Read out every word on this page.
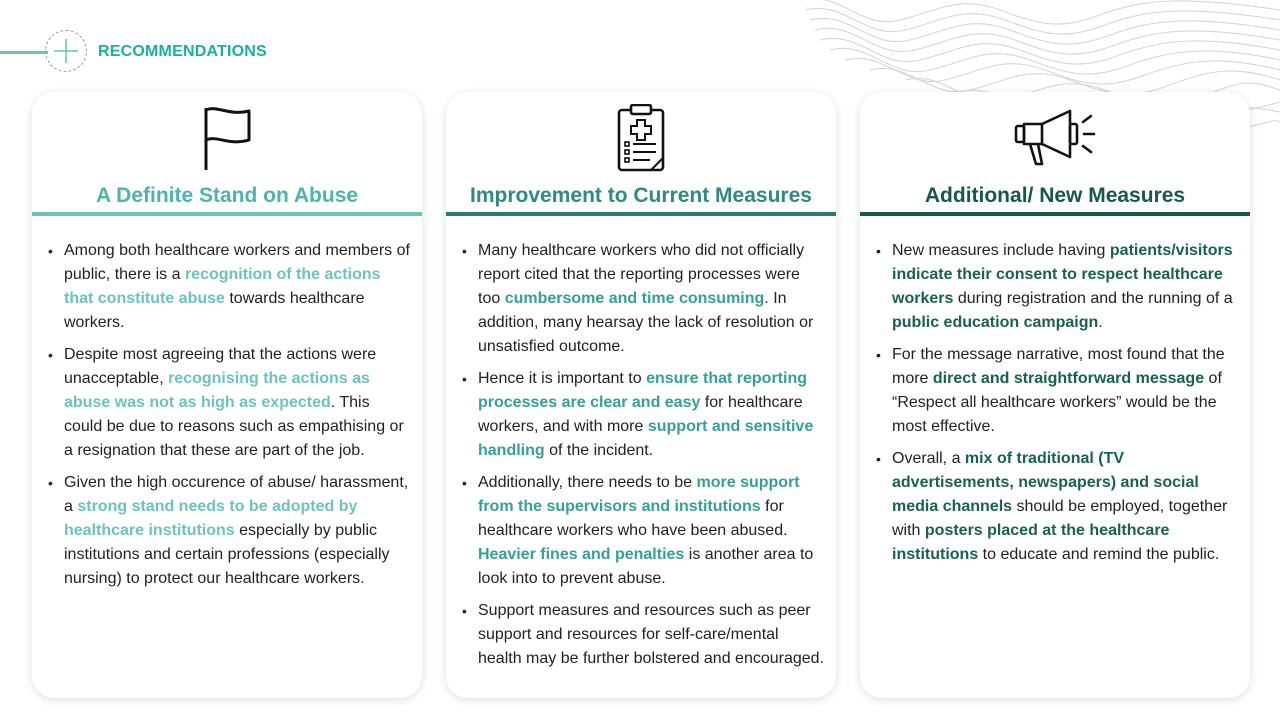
RECOMMENDATIONS
A Definite Stand on Abuse
• Among both healthcare workers and members of public, there is a recognition of the actions that constitute abuse towards healthcare workers.
• Despite most agreeing that the actions were unacceptable, recognising the actions as abuse was not as high as expected. This could be due to reasons such as empathising or a resignation that these are part of the job.
• Given the high occurence of abuse/ harassment, a strong stand needs to be adopted by healthcare institutions especially by public institutions and certain professions (especially nursing) to protect our healthcare workers.
Improvement to Current Measures
• Many healthcare workers who did not officially report cited that the reporting processes were too cumbersome and time consuming. In addition, many hearsay the lack of resolution or unsatisfied outcome.
• Hence it is important to ensure that reporting processes are clear and easy for healthcare workers, and with more support and sensitive handling of the incident.
• Additionally, there needs to be more support from the supervisors and institutions for healthcare workers who have been abused. Heavier fines and penalties is another area to look into to prevent abuse.
• Support measures and resources such as peer support and resources for self-care/mental health may be further bolstered and encouraged.
Additional/ New Measures
• New measures include having patients/visitors indicate their consent to respect healthcare workers during registration and the running of a public education campaign.
• For the message narrative, most found that the more direct and straightforward message of “Respect all healthcare workers” would be the most effective.
• Overall, a mix of traditional (TV advertisements, newspapers) and social media channels should be employed, together with posters placed at the healthcare institutions to educate and remind the public.
